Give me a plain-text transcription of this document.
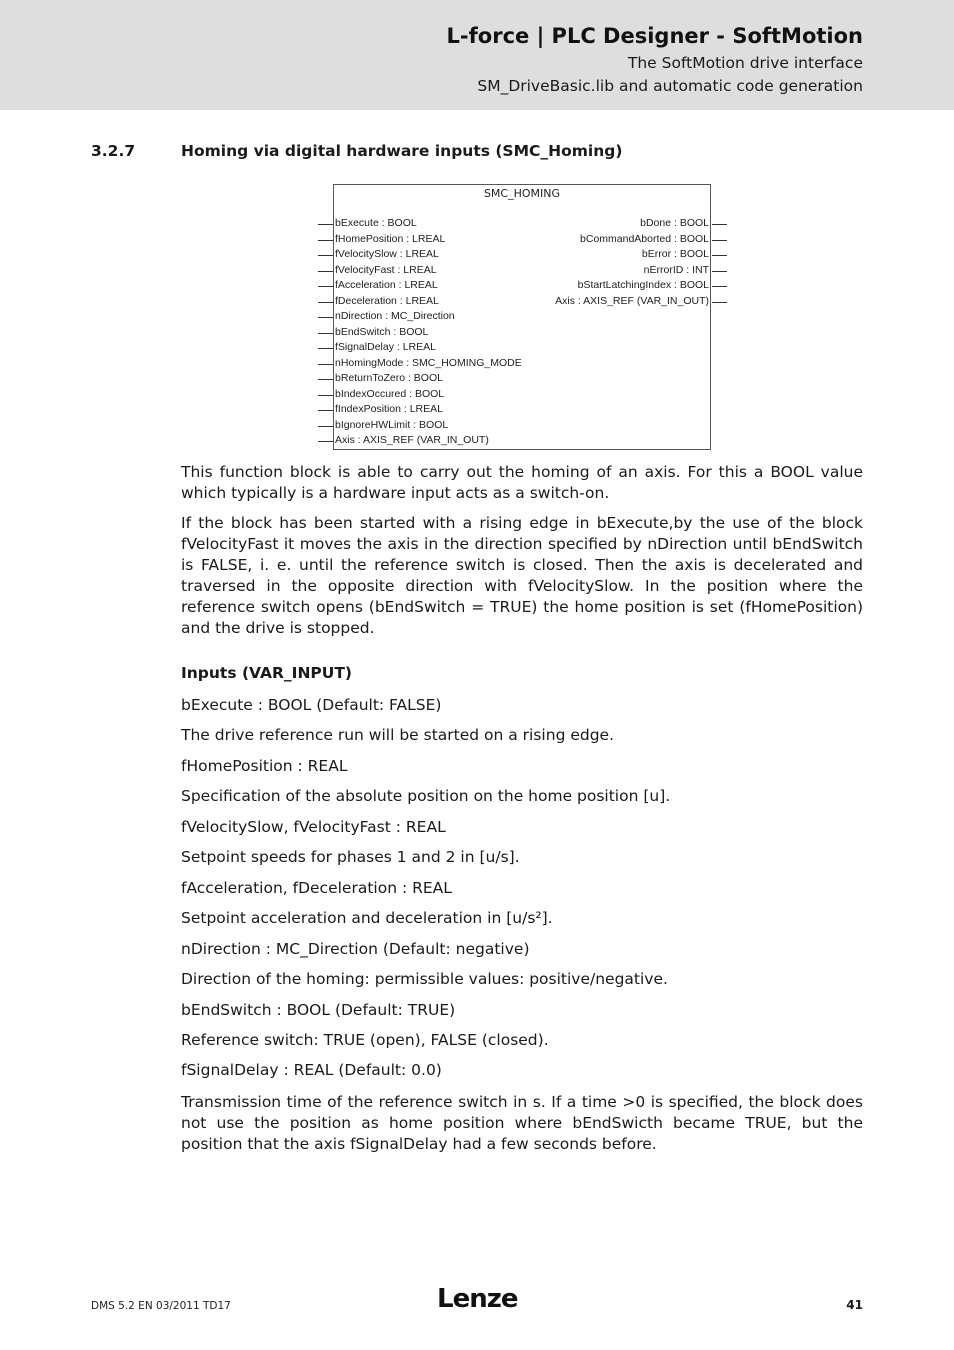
L-force | PLC Designer - SoftMotion
The SoftMotion drive interface
SM_DriveBasic.lib and automatic code generation
3.2.7	Homing via digital hardware inputs (SMC_Homing)
SMC_HOMING
bExecute : BOOL
fHomePosition : LREAL
fVelocitySlow : LREAL
fVelocityFast : LREAL
fAcceleration : LREAL
fDeceleration : LREAL
nDirection : MC_Direction
bEndSwitch : BOOL
fSignalDelay : LREAL
nHomingMode : SMC_HOMING_MODE
bReturnToZero : BOOL
bIndexOccured : BOOL
fIndexPosition : LREAL
bIgnoreHWLimit : BOOL
Axis : AXIS_REF (VAR_IN_OUT)
bDone : BOOL
bCommandAborted : BOOL
bError : BOOL
nErrorID : INT
bStartLatchingIndex : BOOL
Axis : AXIS_REF (VAR_IN_OUT)
This function block is able to carry out the homing of an axis. For this a BOOL value which typically is a hardware input acts as a switch-on.
If the block has been started with a rising edge in bExecute,by the use of the block fVelocityFast it moves the axis in the direction specified by nDirection until bEndSwitch is FALSE, i. e. until the reference switch is closed. Then the axis is decelerated and traversed in the opposite direction with fVelocitySlow. In the position where the reference switch opens (bEndSwitch = TRUE) the home position is set (fHomePosition) and the drive is stopped.
Inputs (VAR_INPUT)
bExecute : BOOL (Default: FALSE)
The drive reference run will be started on a rising edge.
fHomePosition : REAL
Specification of the absolute position on the home position [u].
fVelocitySlow, fVelocityFast : REAL
Setpoint speeds for phases 1 and 2 in [u/s].
fAcceleration, fDeceleration : REAL
Setpoint acceleration and deceleration in [u/s²].
nDirection : MC_Direction (Default: negative)
Direction of the homing: permissible values: positive/negative.
bEndSwitch : BOOL (Default: TRUE)
Reference switch: TRUE (open), FALSE (closed).
fSignalDelay : REAL (Default: 0.0)
Transmission time of the reference switch in s. If a time >0 is specified, the block does not use the position as home position where bEndSwicth became TRUE, but the position that the axis fSignalDelay had a few seconds before.
DMS 5.2 EN 03/2011 TD17	Lenze	41
